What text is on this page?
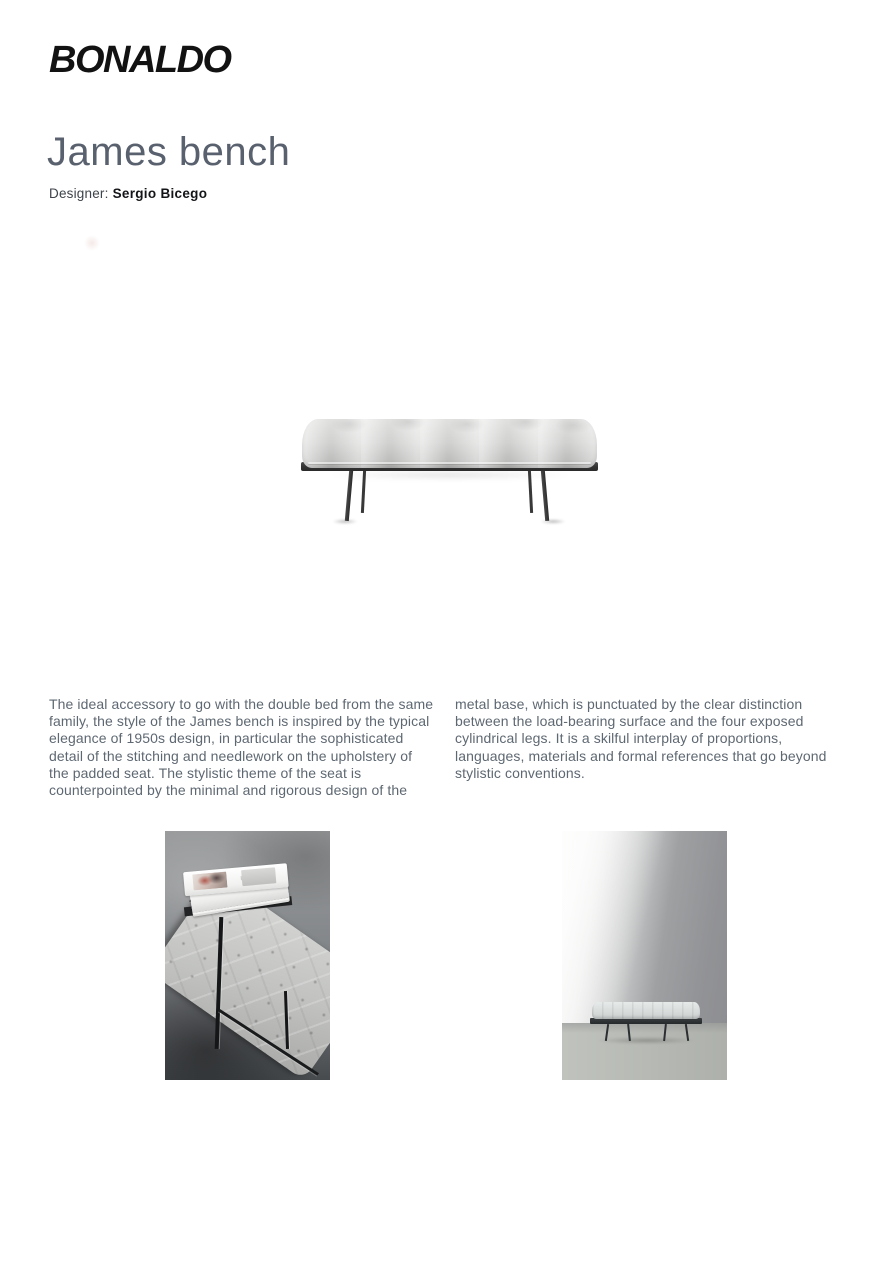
BONALDO
James bench
Designer: Sergio Bicego

The ideal accessory to go with the double bed from the same
family, the style of the James bench is inspired by the typical
elegance of 1950s design, in particular the sophisticated
detail of the stitching and needlework on the upholstery of
the padded seat. The stylistic theme of the seat is
counterpointed by the minimal and rigorous design of the

metal base, which is punctuated by the clear distinction
between the load-bearing surface and the four exposed
cylindrical legs. It is a skilful interplay of proportions,
languages, materials and formal references that go beyond
stylistic conventions.
